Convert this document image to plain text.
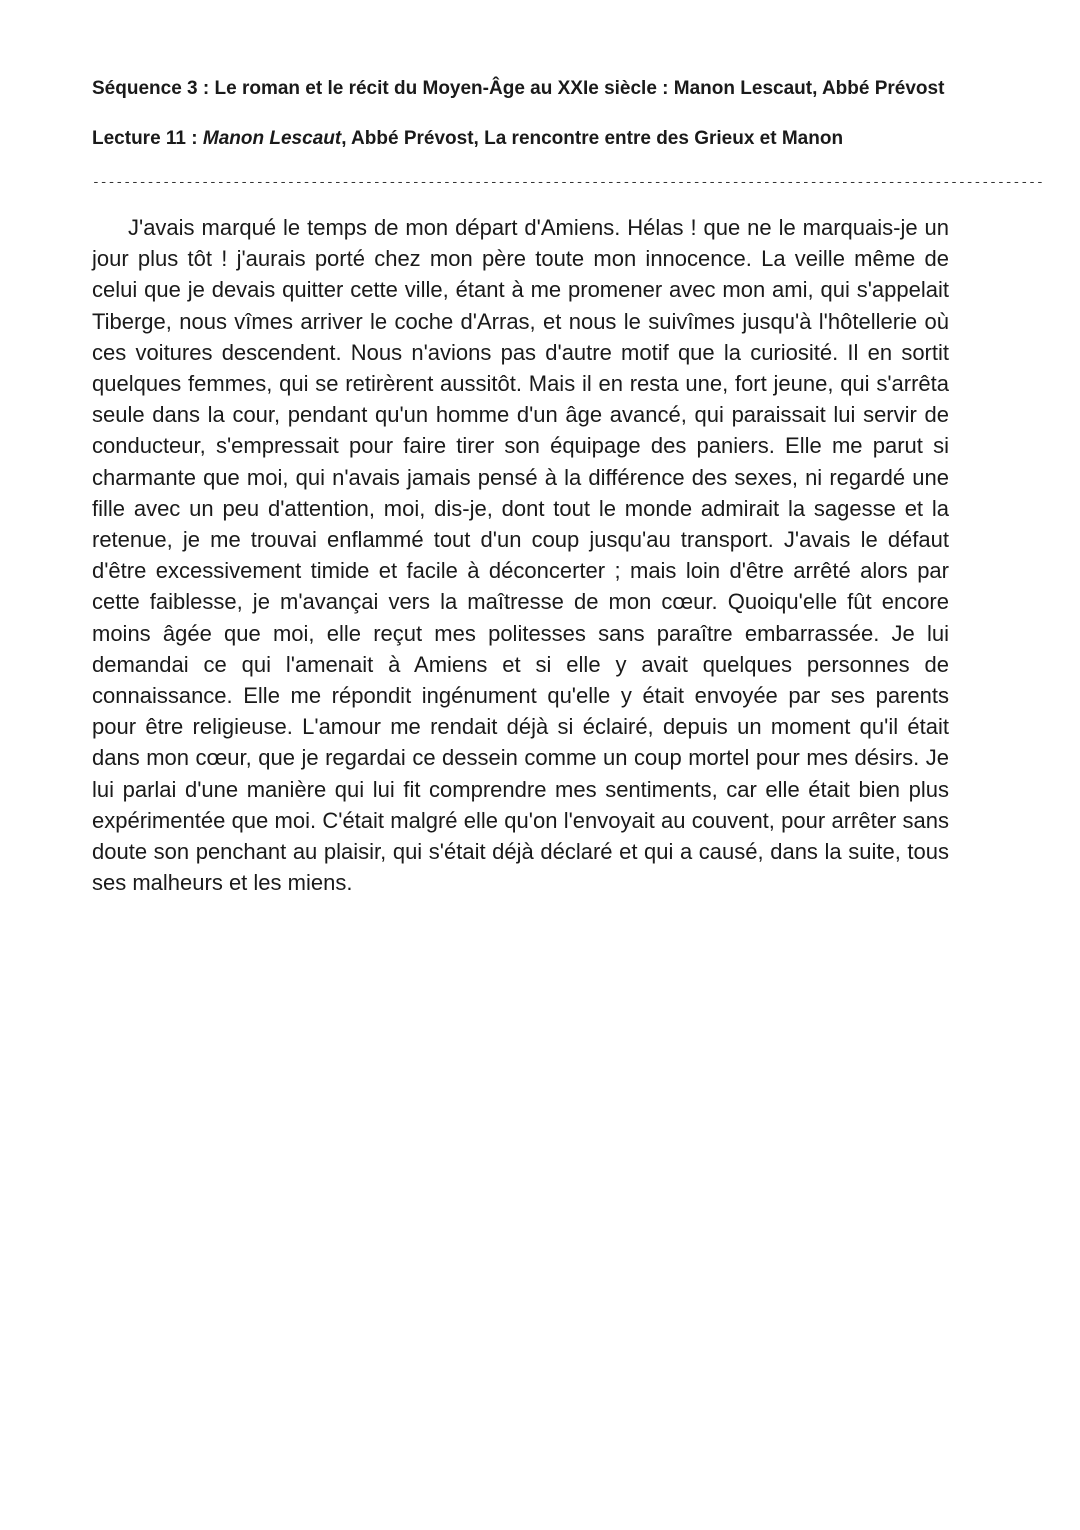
Séquence 3 : Le roman et le récit du Moyen-Âge au XXIe siècle : Manon Lescaut, Abbé Prévost

Lecture 11 : Manon Lescaut, Abbé Prévost, La rencontre entre des Grieux et Manon

--------------------------------------------------------------------------------------------------------------------------

J'avais marqué le temps de mon départ d'Amiens. Hélas ! que ne le marquais-je un jour plus tôt ! j'aurais porté chez mon père toute mon innocence. La veille même de celui que je devais quitter cette ville, étant à me promener avec mon ami, qui s'appelait Tiberge, nous vîmes arriver le coche d'Arras, et nous le suivîmes jusqu'à l'hôtellerie où ces voitures descendent. Nous n'avions pas d'autre motif que la curiosité. Il en sortit quelques femmes, qui se retirèrent aussitôt. Mais il en resta une, fort jeune, qui s'arrêta seule dans la cour, pendant qu'un homme d'un âge avancé, qui paraissait lui servir de conducteur, s'empressait pour faire tirer son équipage des paniers. Elle me parut si charmante que moi, qui n'avais jamais pensé à la différence des sexes, ni regardé une fille avec un peu d'attention, moi, dis-je, dont tout le monde admirait la sagesse et la retenue, je me trouvai enflammé tout d'un coup jusqu'au transport. J'avais le défaut d'être excessivement timide et facile à déconcerter ; mais loin d'être arrêté alors par cette faiblesse, je m'avançai vers la maîtresse de mon cœur. Quoiqu'elle fût encore moins âgée que moi, elle reçut mes politesses sans paraître embarrassée. Je lui demandai ce qui l'amenait à Amiens et si elle y avait quelques personnes de connaissance. Elle me répondit ingénument qu'elle y était envoyée par ses parents pour être religieuse. L'amour me rendait déjà si éclairé, depuis un moment qu'il était dans mon cœur, que je regardai ce dessein comme un coup mortel pour mes désirs. Je lui parlai d'une manière qui lui fit comprendre mes sentiments, car elle était bien plus expérimentée que moi. C'était malgré elle qu'on l'envoyait au couvent, pour arrêter sans doute son penchant au plaisir, qui s'était déjà déclaré et qui a causé, dans la suite, tous ses malheurs et les miens.
